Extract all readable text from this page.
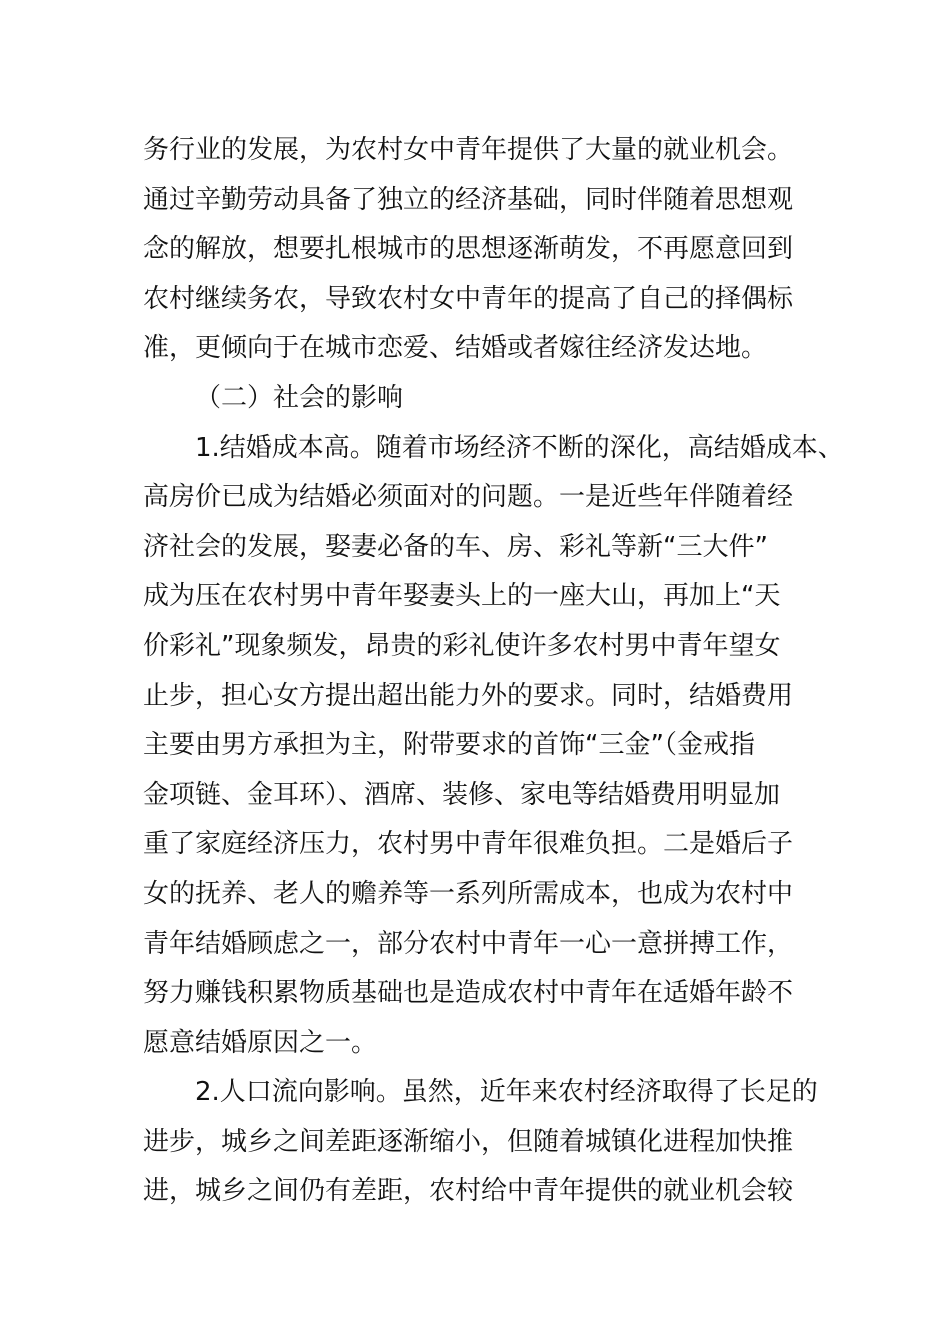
务行业的发展，为农村女中青年提供了大量的就业机会。
通过辛勤劳动具备了独立的经济基础，同时伴随着思想观
念的解放，想要扎根城市的思想逐渐萌发，不再愿意回到
农村继续务农，导致农村女中青年的提高了自己的择偶标
准，更倾向于在城市恋爱、结婚或者嫁往经济发达地。
（二）社会的影响
1.结婚成本高。随着市场经济不断的深化，高结婚成本、
高房价已成为结婚必须面对的问题。一是近些年伴随着经
济社会的发展，娶妻必备的车、房、彩礼等新“三大件”
成为压在农村男中青年娶妻头上的一座大山，再加上“天
价彩礼”现象频发，昂贵的彩礼使许多农村男中青年望女
止步，担心女方提出超出能力外的要求。同时，结婚费用
主要由男方承担为主，附带要求的首饰“三金”（金戒指
金项链、金耳环）、酒席、装修、家电等结婚费用明显加
重了家庭经济压力，农村男中青年很难负担。二是婚后子
女的抚养、老人的赡养等一系列所需成本，也成为农村中
青年结婚顾虑之一，部分农村中青年一心一意拼搏工作，
努力赚钱积累物质基础也是造成农村中青年在适婚年龄不
愿意结婚原因之一。
2.人口流向影响。虽然，近年来农村经济取得了长足的
进步，城乡之间差距逐渐缩小，但随着城镇化进程加快推
进，城乡之间仍有差距，农村给中青年提供的就业机会较
